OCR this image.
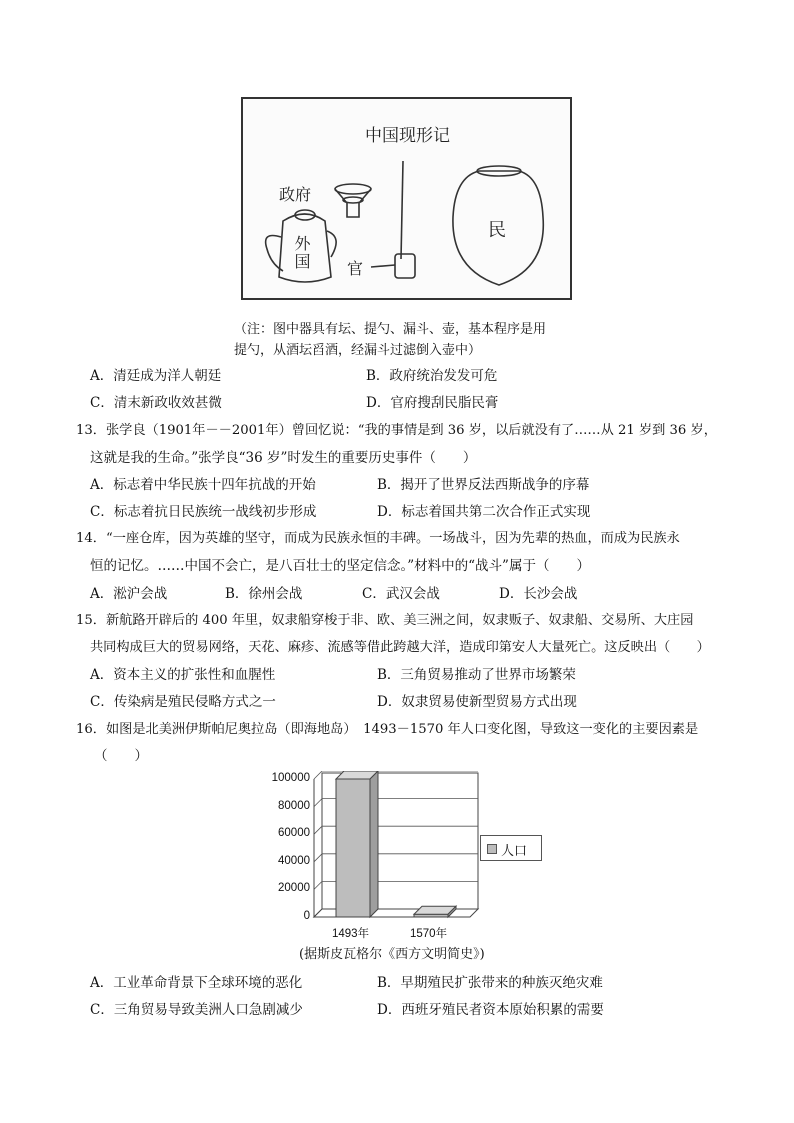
中国现形记
政府
外国 官
民
（注：图中器具有坛、提勺、漏斗、壶，基本程序是用
提勺，从酒坛舀酒，经漏斗过滤倒入壶中）
A．清廷成为洋人朝廷	B．政府统治发发可危
C．清末新政收效甚微	D．官府搜刮民脂民膏
13．张学良（1901年－－2001年）曾回忆说：“我的事情是到 36 岁，以后就没有了……从 21 岁到 36 岁，
这就是我的生命。”张学良“36 岁”时发生的重要历史事件（　　）
A．标志着中华民族十四年抗战的开始	B．揭开了世界反法西斯战争的序幕
C．标志着抗日民族统一战线初步形成	D．标志着国共第二次合作正式实现
14．“一座仓库，因为英雄的坚守，而成为民族永恒的丰碑。一场战斗，因为先辈的热血，而成为民族永
恒的记忆。……中国不会亡，是八百壮士的坚定信念。”材料中的“战斗”属于（　　）
A．淞沪会战	B．徐州会战	C．武汉会战	D．长沙会战
15．新航路开辟后的 400 年里，奴隶船穿梭于非、欧、美三洲之间，奴隶贩子、奴隶船、交易所、大庄园
共同构成巨大的贸易网络，天花、麻疹、流感等借此跨越大洋，造成印第安人大量死亡。这反映出（　　）
A．资本主义的扩张性和血腥性	B．三角贸易推动了世界市场繁荣
C．传染病是殖民侵略方式之一	D．奴隶贸易使新型贸易方式出现
16．如图是北美洲伊斯帕尼奥拉岛（即海地岛）　1493－1570 年人口变化图，导致这一变化的主要因素是
（　　）
0
20000
40000
60000
80000
100000
1493年	1570年
人口
(据斯皮瓦格尔《西方文明简史》)
A．工业革命背景下全球环境的恶化	B．早期殖民扩张带来的种族灭绝灾难
C．三角贸易导致美洲人口急剧减少	D．西班牙殖民者资本原始积累的需要
